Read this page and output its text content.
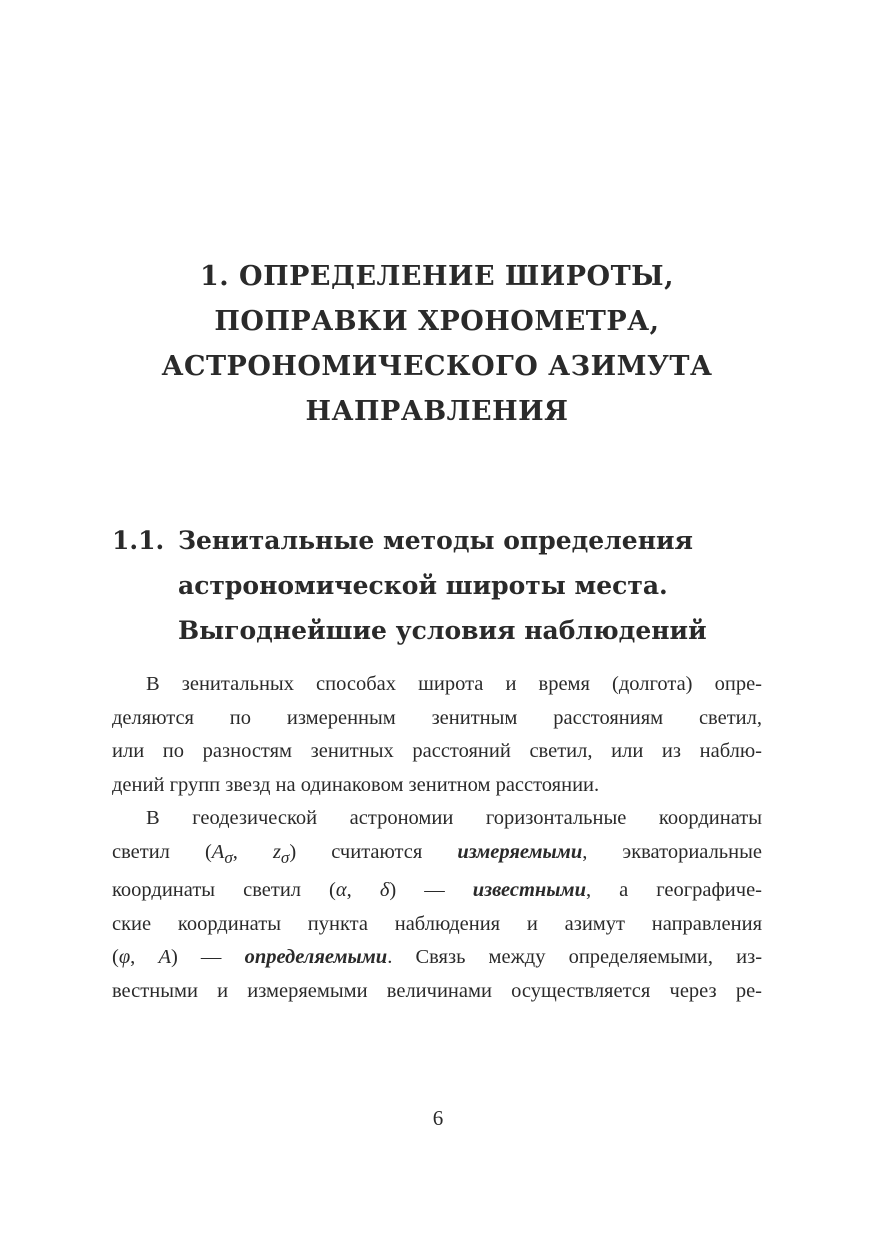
1. ОПРЕДЕЛЕНИЕ ШИРОТЫ,
ПОПРАВКИ ХРОНОМЕТРА,
АСТРОНОМИЧЕСКОГО АЗИМУТА
НАПРАВЛЕНИЯ
1.1. Зенитальные методы определения
астрономической широты места.
Выгоднейшие условия наблюдений
В зенитальных способах широта и время (долгота) опре-
деляются по измеренным зенитным расстояниям светил,
или по разностям зенитных расстояний светил, или из наблю-
дений групп звезд на одинаковом зенитном расстоянии.
В геодезической астрономии горизонтальные координаты
светил ($A_\sigma$, $z_\sigma$) считаются измеряемыми, экваториальные
координаты светил (α, δ) — известными, а географиче-
ские координаты пункта наблюдения и азимут направления
(φ, A) — определяемыми. Связь между определяемыми, из-
вестными и измеряемыми величинами осуществляется через ре-
6
